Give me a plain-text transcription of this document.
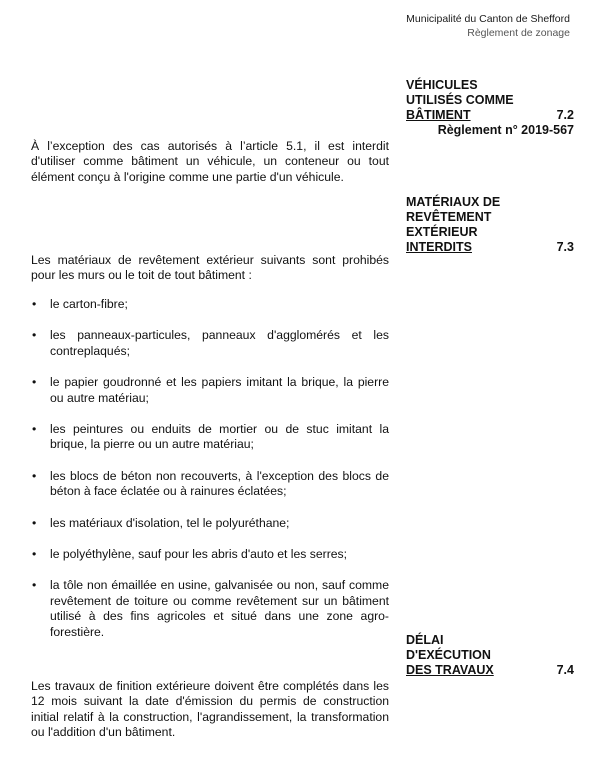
Municipalité du Canton de Shefford
Règlement de zonage
VÉHICULES
UTILISÉS COMME
BÂTIMENT	7.2
Règlement n° 2019-567
À l’exception des cas autorisés à l’article 5.1, il est interdit d'utiliser comme bâtiment un véhicule, un conteneur ou tout élément conçu à l'origine comme une partie d'un véhicule.
MATÉRIAUX DE
REVÊTEMENT
EXTÉRIEUR
INTERDITS	7.3
Les matériaux de revêtement extérieur suivants sont prohibés pour les murs ou le toit de tout bâtiment :
• le carton-fibre;
• les panneaux-particules, panneaux d'agglomérés et les contreplaqués;
• le papier goudronné et les papiers imitant la brique, la pierre ou autre matériau;
• les peintures ou enduits de mortier ou de stuc imitant la brique, la pierre ou un autre matériau;
• les blocs de béton non recouverts, à l'exception des blocs de béton à face éclatée ou à rainures éclatées;
• les matériaux d'isolation, tel le polyuréthane;
• le polyéthylène, sauf pour les abris d'auto et les serres;
• la tôle non émaillée en usine, galvanisée ou non, sauf comme revêtement de toiture ou comme revêtement sur un bâtiment utilisé à des fins agricoles et situé dans une zone agro-forestière.
DÉLAI
D'EXÉCUTION
DES TRAVAUX	7.4
Les travaux de finition extérieure doivent être complétés dans les 12 mois suivant la date d'émission du permis de construction initial relatif à la construction, l'agrandissement, la transformation ou l'addition d'un bâtiment.
